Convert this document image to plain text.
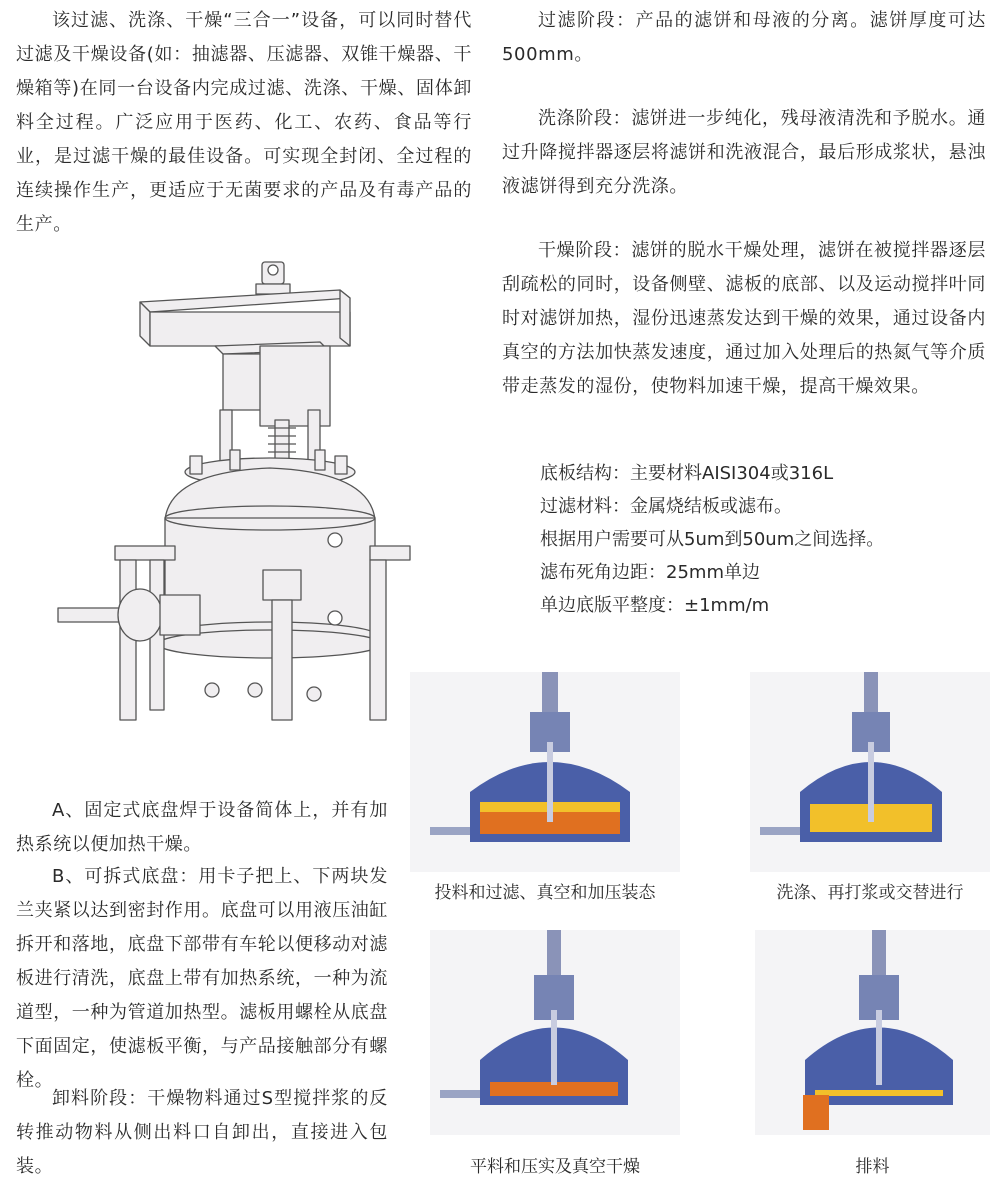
该过滤、洗涤、干燥“三合一”设备，可以同时替代过滤及干燥设备(如：抽滤器、压滤器、双锥干燥器、干燥箱等)在同一台设备内完成过滤、洗涤、干燥、固体卸料全过程。广泛应用于医药、化工、农药、食品等行业，是过滤干燥的最佳设备。可实现全封闭、全过程的连续操作生产，更适应于无菌要求的产品及有毒产品的生产。

过滤阶段：产品的滤饼和母液的分离。滤饼厚度可达500mm。

洗涤阶段：滤饼进一步纯化，残母液清洗和予脱水。通过升降搅拌器逐层将滤饼和洗液混合，最后形成浆状，悬浊液滤饼得到充分洗涤。

干燥阶段：滤饼的脱水干燥处理，滤饼在被搅拌器逐层刮疏松的同时，设备侧壁、滤板的底部、以及运动搅拌叶同时对滤饼加热，湿份迅速蒸发达到干燥的效果，通过设备内真空的方法加快蒸发速度，通过加入处理后的热氮气等介质带走蒸发的湿份，使物料加速干燥，提高干燥效果。

底板结构：主要材料AISI304或316L
过滤材料：金属烧结板或滤布。
根据用户需要可从5um到50um之间选择。
滤布死角边距：25mm单边
单边底版平整度：±1mm/m

A、固定式底盘焊于设备简体上，并有加热系统以便加热干燥。

B、可拆式底盘：用卡子把上、下两块发兰夹紧以达到密封作用。底盘可以用液压油缸拆开和落地，底盘下部带有车轮以便移动对滤板进行清洗，底盘上带有加热系统，一种为流道型，一种为管道加热型。滤板用螺栓从底盘下面固定，使滤板平衡，与产品接触部分有螺栓。

卸料阶段：干燥物料通过S型搅拌浆的反转推动物料从侧出料口自卸出，直接进入包装。

投料和过滤、真空和加压装态	洗涤、再打浆或交替进行
平料和压实及真空干燥	排料
